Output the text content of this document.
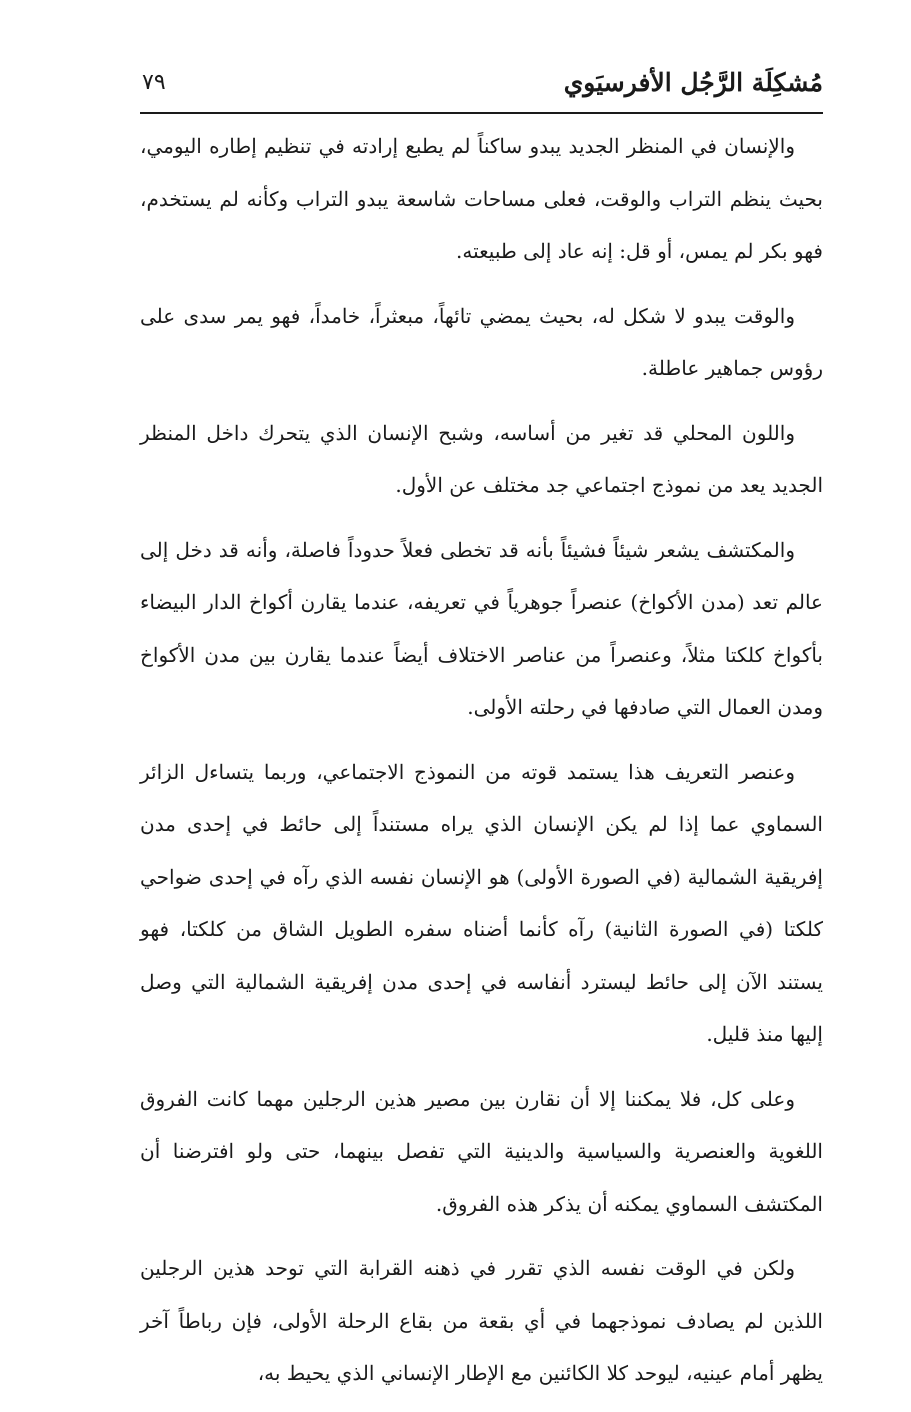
مُشكِلَة الرَّجُل الأفرسيَوي
٧٩

والإنسان في المنظر الجديد يبدو ساكناً لم يطبع إرادته في تنظيم إطاره اليومي، بحيث ينظم التراب والوقت، فعلى مساحات شاسعة يبدو التراب وكأنه لم يستخدم، فهو بكر لم يمس، أو قل: إنه عاد إلى طبيعته.

والوقت يبدو لا شكل له، بحيث يمضي تائهاً، مبعثراً، خامداً، فهو يمر سدى على رؤوس جماهير عاطلة.

واللون المحلي قد تغير من أساسه، وشبح الإنسان الذي يتحرك داخل المنظر الجديد يعد من نموذج اجتماعي جد مختلف عن الأول.

والمكتشف يشعر شيئاً فشيئاً بأنه قد تخطى فعلاً حدوداً فاصلة، وأنه قد دخل إلى عالم تعد (مدن الأكواخ) عنصراً جوهرياً في تعريفه، عندما يقارن أكواخ الدار البيضاء بأكواخ كلكتا مثلاً، وعنصراً من عناصر الاختلاف أيضاً عندما يقارن بين مدن الأكواخ ومدن العمال التي صادفها في رحلته الأولى.

وعنصر التعريف هذا يستمد قوته من النموذج الاجتماعي، وربما يتساءل الزائر السماوي عما إذا لم يكن الإنسان الذي يراه مستنداً إلى حائط في إحدى مدن إفريقية الشمالية (في الصورة الأولى) هو الإنسان نفسه الذي رآه في إحدى ضواحي كلكتا (في الصورة الثانية) رآه كأنما أضناه سفره الطويل الشاق من كلكتا، فهو يستند الآن إلى حائط ليسترد أنفاسه في إحدى مدن إفريقية الشمالية التي وصل إليها منذ قليل.

وعلى كل، فلا يمكننا إلا أن نقارن بين مصير هذين الرجلين مهما كانت الفروق اللغوية والعنصرية والسياسية والدينية التي تفصل بينهما، حتى ولو افترضنا أن المكتشف السماوي يمكنه أن يذكر هذه الفروق.

ولكن في الوقت نفسه الذي تقرر في ذهنه القرابة التي توحد هذين الرجلين اللذين لم يصادف نموذجهما في أي بقعة من بقاع الرحلة الأولى، فإن رباطاً آخر يظهر أمام عينيه، ليوحد كلا الكائنين مع الإطار الإنساني الذي يحيط به،
